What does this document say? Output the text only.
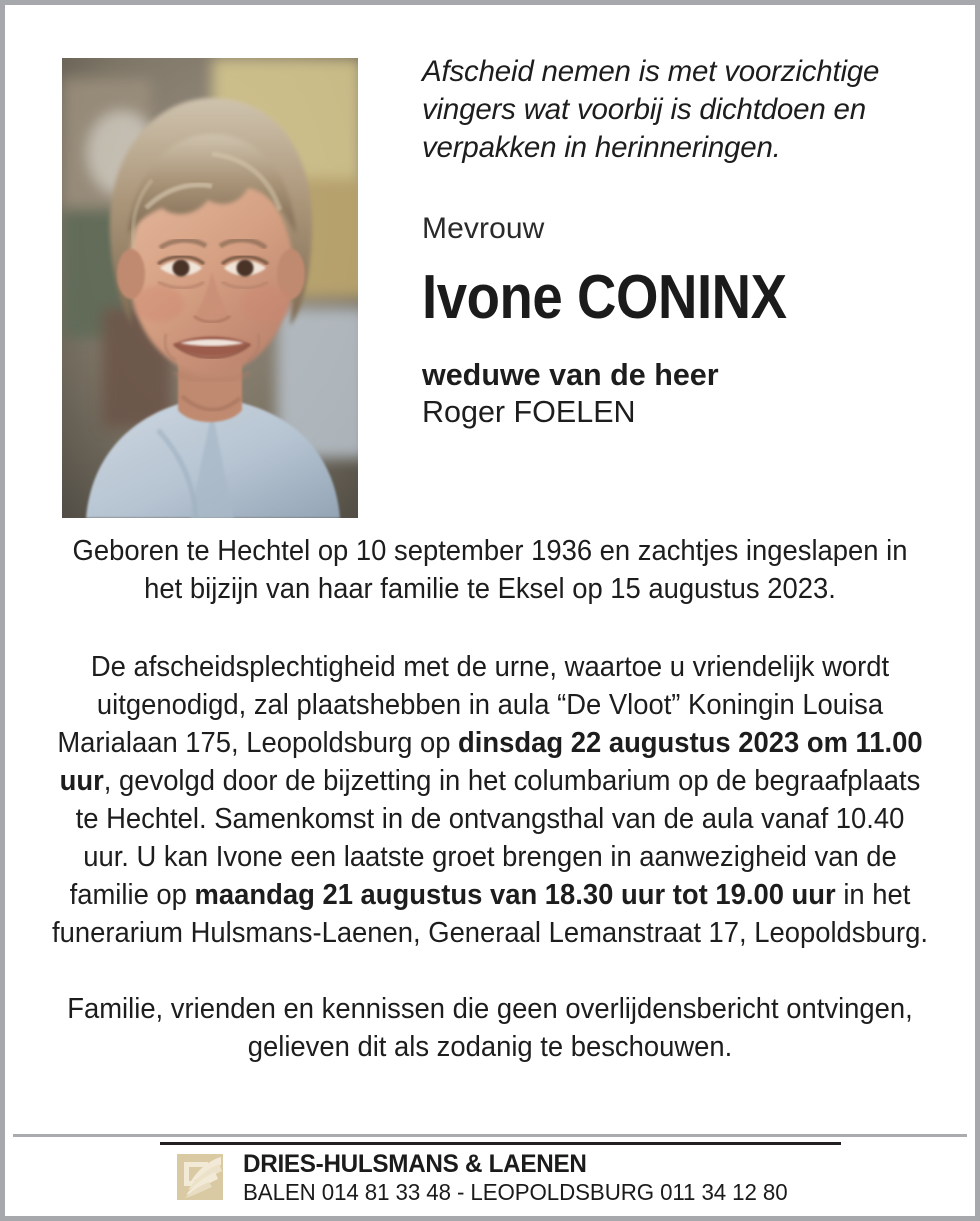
Afscheid nemen is met voorzichtige vingers wat voorbij is dichtdoen en verpakken in herinneringen.
Mevrouw
Ivone CONINX
weduwe van de heer
Roger FOELEN

Geboren te Hechtel op 10 september 1936 en zachtjes ingeslapen in het bijzijn van haar familie te Eksel op 15 augustus 2023.

De afscheidsplechtigheid met de urne, waartoe u vriendelijk wordt uitgenodigd, zal plaatshebben in aula “De Vloot” Koningin Louisa Marialaan 175, Leopoldsburg op dinsdag 22 augustus 2023 om 11.00 uur, gevolgd door de bijzetting in het columbarium op de begraafplaats te Hechtel. Samenkomst in de ontvangsthal van de aula vanaf 10.40 uur. U kan Ivone een laatste groet brengen in aanwezigheid van de familie op maandag 21 augustus van 18.30 uur tot 19.00 uur in het funerarium Hulsmans-Laenen, Generaal Lemanstraat 17, Leopoldsburg.

Familie, vrienden en kennissen die geen overlijdensbericht ontvingen, gelieven dit als zodanig te beschouwen.

DRIES-HULSMANS & LAENEN
BALEN 014 81 33 48 - LEOPOLDSBURG 011 34 12 80
